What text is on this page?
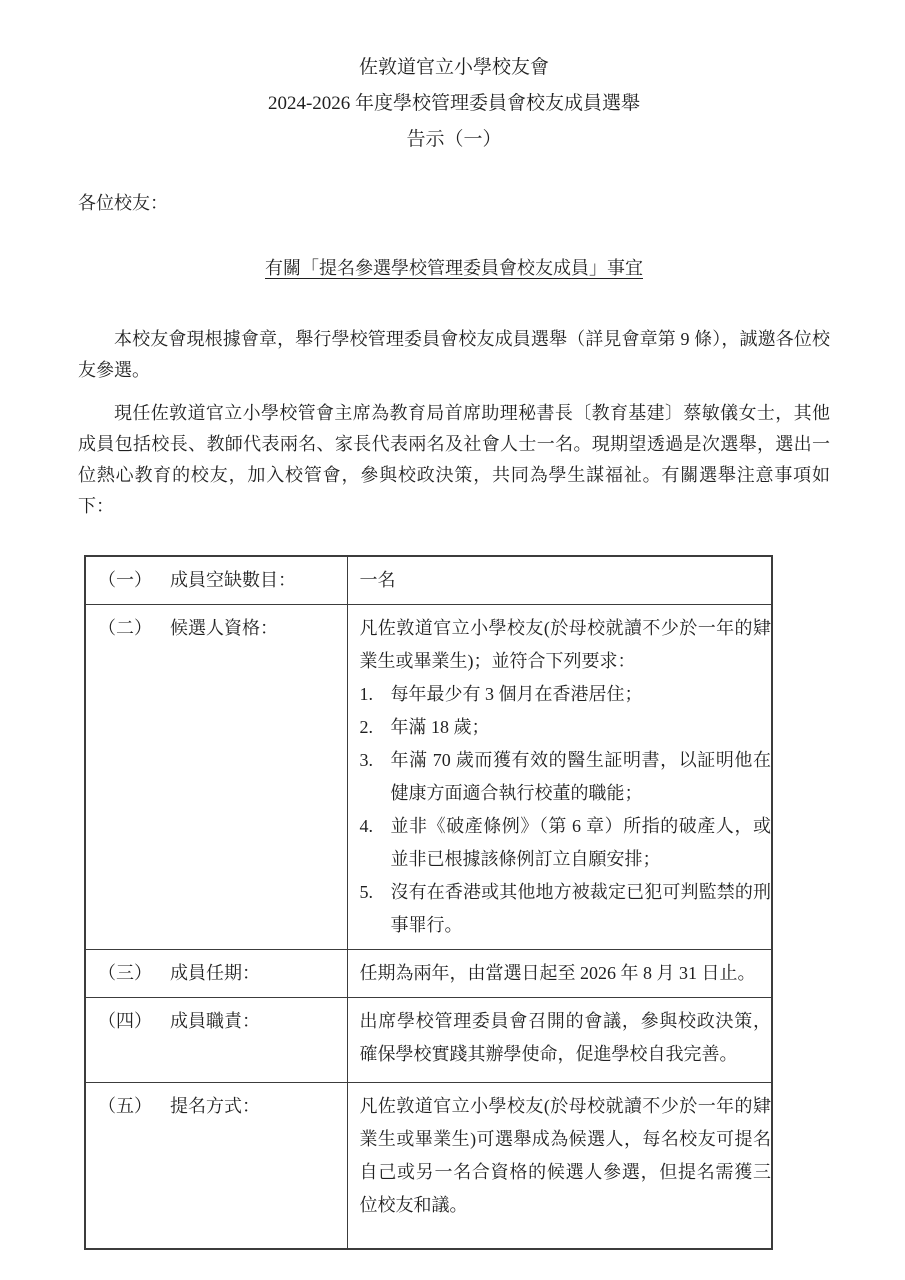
佐敦道官立小學校友會
2024-2026 年度學校管理委員會校友成員選舉
告示（一）
各位校友：
有關「提名參選學校管理委員會校友成員」事宜

本校友會現根據會章，舉行學校管理委員會校友成員選舉（詳見會章第 9 條），誠邀各位校友參選。

現任佐敦道官立小學校管會主席為教育局首席助理秘書長〔教育基建〕蔡敏儀女士，其他成員包括校長、教師代表兩名、家長代表兩名及社會人士一名。現期望透過是次選舉，選出一位熱心教育的校友，加入校管會，參與校政決策，共同為學生謀福祉。有關選舉注意事項如下：

（一） 成員空缺數目：	一名

（二） 候選人資格：	凡佐敦道官立小學校友(於母校就讀不少於一年的肄業生或畢業生)；並符合下列要求：
1. 每年最少有 3 個月在香港居住；
2. 年滿 18 歲；
3. 年滿 70 歲而獲有效的醫生証明書，以証明他在健康方面適合執行校董的職能；
4. 並非《破產條例》（第 6 章）所指的破產人，或並非已根據該條例訂立自願安排；
5. 沒有在香港或其他地方被裁定已犯可判監禁的刑事罪行。

（三） 成員任期：	任期為兩年，由當選日起至 2026 年 8 月 31 日止。

（四） 成員職責：	出席學校管理委員會召開的會議，參與校政決策，確保學校實踐其辦學使命，促進學校自我完善。

（五） 提名方式：	凡佐敦道官立小學校友(於母校就讀不少於一年的肄業生或畢業生)可選舉成為候選人，每名校友可提名自己或另一名合資格的候選人參選，但提名需獲三位校友和議。
